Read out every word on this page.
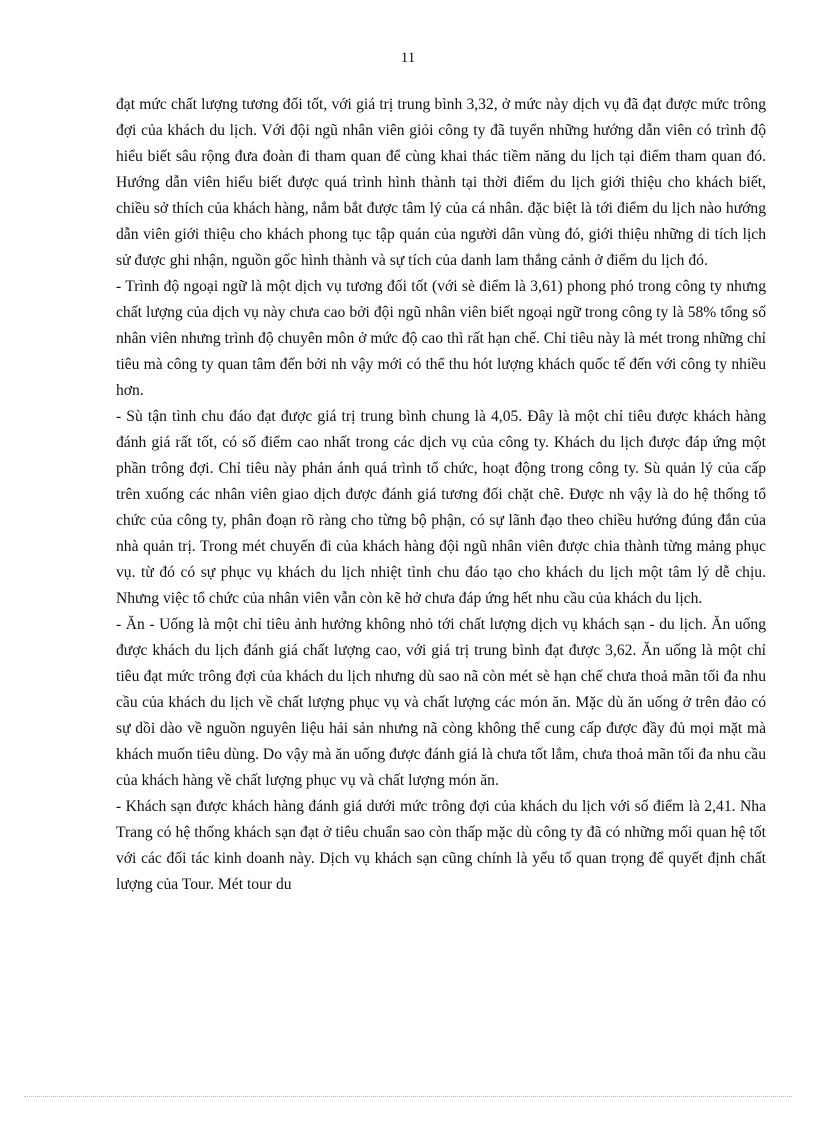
11

đạt mức chất lượng tương đối tốt, với giá trị trung bình 3,32, ở mức này dịch vụ đã đạt được mức trông đợi của khách du lịch. Với đội ngũ nhân viên giỏi công ty đã tuyển những hướng dẫn viên có trình độ hiểu biết sâu rộng đưa đoàn đi tham quan để cùng khai thác tiềm năng du lịch tại điểm tham quan đó. Hướng dẫn viên hiểu biết được quá trình hình thành tại thời điểm du lịch giới thiệu cho khách biết, chiều sở thích của khách hàng, nắm bắt được tâm lý của cá nhân. đặc biệt là tới điểm du lịch nào hướng dẫn viên giới thiệu cho khách phong tục tập quán của người dân vùng đó, giới thiệu những di tích lịch sử được ghi nhận, nguồn gốc hình thành và sự tích của danh lam thắng cảnh ở điểm du lịch đó.

- Trình độ ngoại ngữ là một dịch vụ tương đối tốt (với sè điểm là 3,61) phong phó trong công ty nhưng chất lượng của dịch vụ này chưa cao bởi đội ngũ nhân viên biết ngoại ngữ trong công ty là 58% tổng số nhân viên nhưng trình độ chuyên môn ở mức độ cao thì rất hạn chế. Chỉ tiêu này là mét trong những chỉ tiêu mà công ty quan tâm đến bởi nh vậy mới có thể thu hót lượng khách quốc tế đến với công ty nhiều hơn.

- Sù tận tình chu đáo đạt được giá trị trung bình chung là 4,05. Đây là một chỉ tiêu được khách hàng đánh giá rất tốt, có số điểm cao nhất trong các dịch vụ của công ty. Khách du lịch được đáp ứng một phần trông đợi. Chỉ tiêu này phản ánh quá trình tổ chức, hoạt động trong công ty. Sù quản lý của cấp trên xuống các nhân viên giao dịch được đánh giá tương đối chặt chẽ. Được nh vậy là do hệ thống tổ chức của công ty, phân đoạn rõ ràng cho từng bộ phận, có sự lãnh đạo theo chiều hướng đúng đắn của nhà quản trị. Trong mét chuyến đi của khách hàng đội ngũ nhân viên được chia thành từng mảng phục vụ. từ đó có sự phục vụ khách du lịch nhiệt tình chu đáo tạo cho khách du lịch một tâm lý dễ chịu. Nhưng việc tổ chức của nhân viên vẫn còn kẽ hở chưa đáp ứng hết nhu cầu của khách du lịch.

- Ăn - Uống là một chỉ tiêu ảnh hưởng không nhỏ tới chất lượng dịch vụ khách sạn - du lịch. Ăn uống được khách du lịch đánh giá chất lượng cao, với giá trị trung bình đạt được 3,62. Ăn uống là một chỉ tiêu đạt mức trông đợi của khách du lịch nhưng dù sao nã còn mét sè hạn chế chưa thoả mãn tối đa nhu cầu của khách du lịch về chất lượng phục vụ và chất lượng các món ăn. Mặc dù ăn uống ở trên đảo có sự dồi dào về nguồn nguyên liệu hải sản nhưng nã còng không thể cung cấp được đầy đủ mọi mặt mà khách muốn tiêu dùng. Do vậy mà ăn uống được đánh giá là chưa tốt lắm, chưa thoả mãn tối đa nhu cầu của khách hàng về chất lượng phục vụ và chất lượng món ăn.

- Khách sạn được khách hàng đánh giá dưới mức trông đợi của khách du lịch với số điểm là 2,41. Nha Trang có hệ thống khách sạn đạt ở tiêu chuẩn sao còn thấp mặc dù công ty đã có những mối quan hệ tốt với các đối tác kinh doanh này. Dịch vụ khách sạn cũng chính là yếu tố quan trọng để quyết định chất lượng của Tour. Mét tour du
